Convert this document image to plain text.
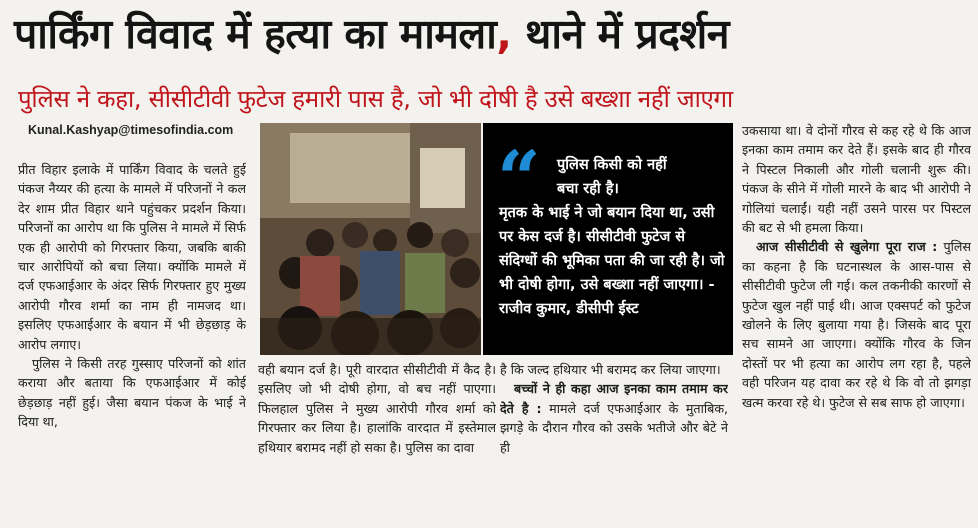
पार्किंग विवाद में हत्या का मामला, थाने में प्रदर्शन
पुलिस ने कहा, सीसीटीवी फुटेज हमारी पास है, जो भी दोषी है उसे बख्शा नहीं जाएगा
Kunal.Kashyap@timesofindia.com

प्रीत विहार इलाके में पार्किंग विवाद के चलते हुई पंकज नैय्यर की हत्या के मामले में परिजनों ने कल देर शाम प्रीत विहार थाने पहुंचकर प्रदर्शन किया। परिजनों का आरोप था कि पुलिस ने मामले में सिर्फ एक ही आरोपी को गिरफ्तार किया, जबकि बाकी चार आरोपियों को बचा लिया। क्योंकि मामले में दर्ज एफआईआर के अंदर सिर्फ गिरफ्तार हुए मुख्य आरोपी गौरव शर्मा का नाम ही नामजद था। इसलिए एफआईआर के बयान में भी छेड़छाड़ के आरोप लगाए।

पुलिस ने किसी तरह गुस्साए परिजनों को शांत कराया और बताया कि एफआईआर में कोई छेड़छाड़ नहीं हुई। जैसा बयान पंकज के भाई ने दिया था,

“	पुलिस किसी को नहीं
बचा रही है।
मृतक के भाई ने जो बयान दिया था, उसी पर केस दर्ज है। सीसीटीवी फुटेज से संदिग्धों की भूमिका पता की जा रही है। जो भी दोषी होगा, उसे बख्शा नहीं जाएगा। - राजीव कुमार, डीसीपी ईस्ट

वही बयान दर्ज है। पूरी वारदात सीसीटीवी में कैद है। इसलिए जो भी दोषी होगा, वो बच नहीं पाएगा। फिलहाल पुलिस ने मुख्य आरोपी गौरव शर्मा को गिरफ्तार कर लिया है। हालांकि वारदात में इस्तेमाल हथियार बरामद नहीं हो सका है। पुलिस का दावा

है कि जल्द हथियार भी बरामद कर लिया जाएगा।

बच्चों ने ही कहा आज इनका काम तमाम कर देते है : मामले दर्ज एफआईआर के मुताबिक, झगड़े के दौरान गौरव को उसके भतीजे और बेटे ने ही

उकसाया था। वे दोनों गौरव से कह रहे थे कि आज इनका काम तमाम कर देते हैं। इसके बाद ही गौरव ने पिस्टल निकाली और गोली चलानी शुरू की। पंकज के सीने में गोली मारने के बाद भी आरोपी ने गोलियां चलाईं। यही नहीं उसने पारस पर पिस्टल की बट से भी हमला किया।

आज सीसीटीवी से खुलेगा पूरा राज : पुलिस का कहना है कि घटनास्थल के आस-पास से सीसीटीवी फुटेज ली गई। कल तकनीकी कारणों से फुटेज खुल नहीं पाई थी। आज एक्सपर्ट को फुटेज खोलने के लिए बुलाया गया है। जिसके बाद पूरा सच सामने आ जाएगा। क्योंकि गौरव के जिन दोस्तों पर भी हत्या का आरोप लग रहा है, पहले वही परिजन यह दावा कर रहे थे कि वो तो झगड़ा खत्म करवा रहे थे। फुटेज से सब साफ हो जाएगा।
